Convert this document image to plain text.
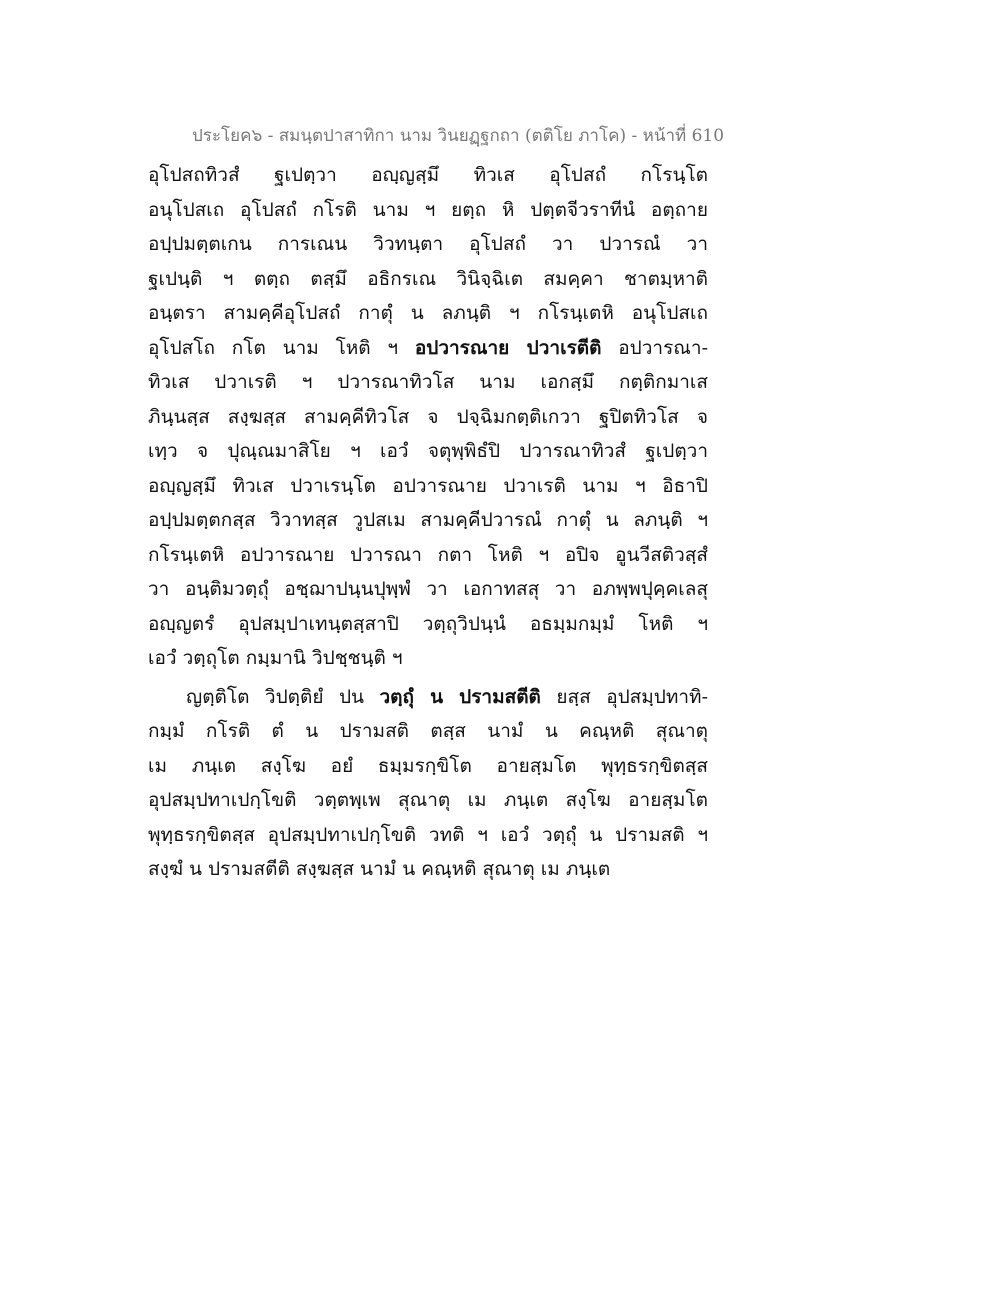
ประโยค๖ - สมนฺตปาสาทิกา นาม วินยฏฺฐกถา (ตติโย ภาโค) - หน้าที่ 610
อุโปสถทิวสํ ฐเปตฺวา อญฺญสฺมึ ทิวเส อุโปสถํ กโรนฺโต
อนุโปสเถ อุโปสถํ กโรติ นาม ฯ ยตฺถ หิ ปตฺตจีวราทีนํ อตฺถาย
อปฺปมตฺตเกน การเณน วิวทนฺตา อุโปสถํ วา ปวารณํ วา
ฐเปนฺติ ฯ ตตฺถ ตสฺมึ อธิกรเณ วินิจฺฉิเต สมคฺคา ชาตมฺหาติ
อนฺตรา สามคฺคีอุโปสถํ กาตุํ น ลภนฺติ ฯ กโรนฺเตหิ อนุโปสเถ
อุโปสโถ กโต นาม โหติ ฯ อปวารณาย ปวาเรตีติ อปวารณา-
ทิวเส ปวาเรติ ฯ ปวารณาทิวโส นาม เอกสฺมึ กตฺติกมาเส
ภินฺนสฺส สงฺฆสฺส สามคฺคีทิวโส จ ปจฺฉิมกตฺติเกวา ฐปิตทิวโส จ
เทฺว จ ปุณฺณมาสิโย ฯ เอวํ จตุพฺพิธํปิ ปวารณาทิวสํ ฐเปตฺวา
อญฺญสฺมึ ทิวเส ปวาเรนฺโต อปวารณาย ปวาเรติ นาม ฯ อิธาปิ
อปฺปมตฺตกสฺส วิวาทสฺส วูปสเม สามคฺคีปวารณํ กาตุํ น ลภนฺติ ฯ
กโรนฺเตหิ อปวารณาย ปวารณา กตา โหติ ฯ อปิจ อูนวีสติวสฺสํ
วา อนฺติมวตฺถุํ อชฺฌาปนฺนปุพฺพํ วา เอกาทสสุ วา อภพฺพปุคฺคเลสุ
อญฺญตรํ อุปสมฺปาเทนฺตสฺสาปิ วตฺถุวิปนฺนํ อธมฺมกมฺมํ โหติ ฯ
เอวํ วตฺถุโต กมฺมานิ วิปชฺชนฺติ ฯ
ญตฺติโต วิปตฺติยํ ปน วตฺถุํ น ปรามสตีติ ยสฺส อุปสมฺปทาทิ-
กมฺมํ กโรติ ตํ น ปรามสติ ตสฺส นามํ น คณฺหติ สุณาตุ
เม ภนฺเต สงฺโฆ อยํ ธมฺมรกฺขิโต อายสฺมโต พุทฺธรกฺขิตสฺส
อุปสมฺปทาเปกฺโขติ วตฺตพฺเพ สุณาตุ เม ภนฺเต สงฺโฆ อายสฺมโต
พุทฺธรกฺขิตสฺส อุปสมฺปทาเปกฺโขติ วทติ ฯ เอวํ วตฺถุํ น ปรามสติ ฯ
สงฺฆํ น ปรามสตีติ สงฺฆสฺส นามํ น คณฺหติ สุณาตุ เม ภนฺเต
